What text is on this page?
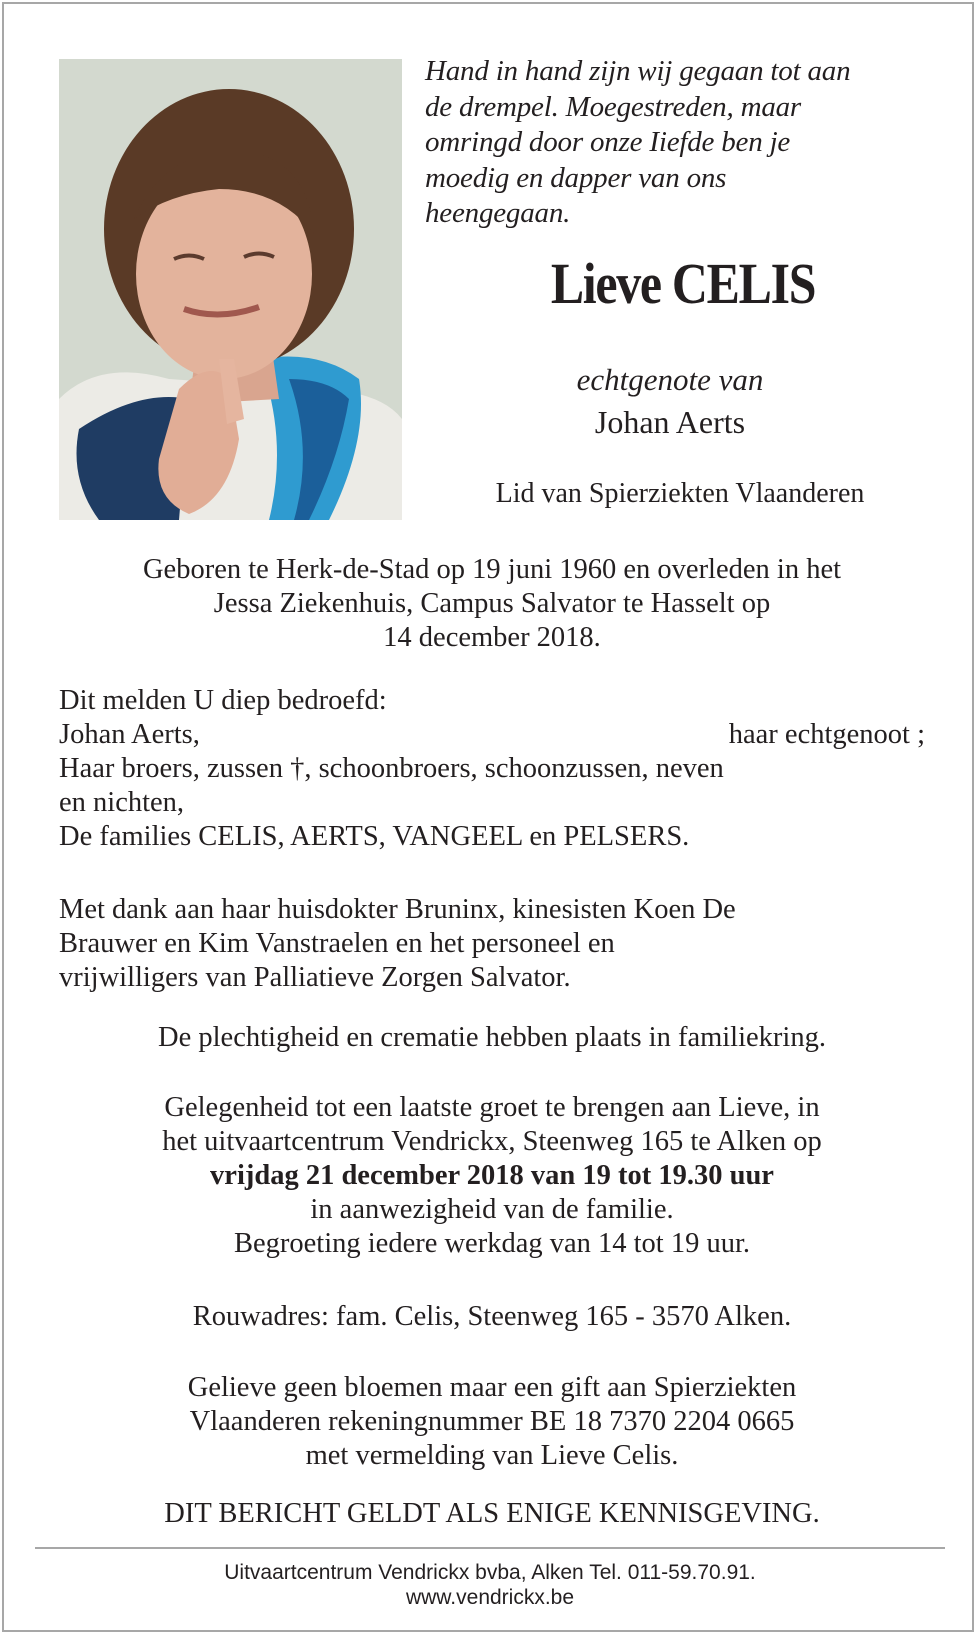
Hand in hand zijn wij gegaan tot aan
de drempel. Moegestreden, maar
omringd door onze Iiefde ben je
moedig en dapper van ons
heengegaan.
Lieve CELIS
echtgenote van
Johan Aerts
Lid van Spierziekten Vlaanderen
Geboren te Herk-de-Stad op 19 juni 1960 en overleden in het
Jessa Ziekenhuis, Campus Salvator te Hasselt op
14 december 2018.
Dit melden U diep bedroefd:
Johan Aerts,	haar echtgenoot ;
Haar broers, zussen †, schoonbroers, schoonzussen, neven
en nichten,
De families CELIS, AERTS, VANGEEL en PELSERS.
Met dank aan haar huisdokter Bruninx, kinesisten Koen De
Brauwer en Kim Vanstraelen en het personeel en
vrijwilligers van Palliatieve Zorgen Salvator.
De plechtigheid en crematie hebben plaats in familiekring.
Gelegenheid tot een laatste groet te brengen aan Lieve, in
het uitvaartcentrum Vendrickx, Steenweg 165 te Alken op
vrijdag 21 december 2018 van 19 tot 19.30 uur
in aanwezigheid van de familie.
Begroeting iedere werkdag van 14 tot 19 uur.
Rouwadres: fam. Celis, Steenweg 165 - 3570 Alken.
Gelieve geen bloemen maar een gift aan Spierziekten
Vlaanderen rekeningnummer BE 18 7370 2204 0665
met vermelding van Lieve Celis.
DIT BERICHT GELDT ALS ENIGE KENNISGEVING.
Uitvaartcentrum Vendrickx bvba, Alken Tel. 011-59.70.91.
www.vendrickx.be
